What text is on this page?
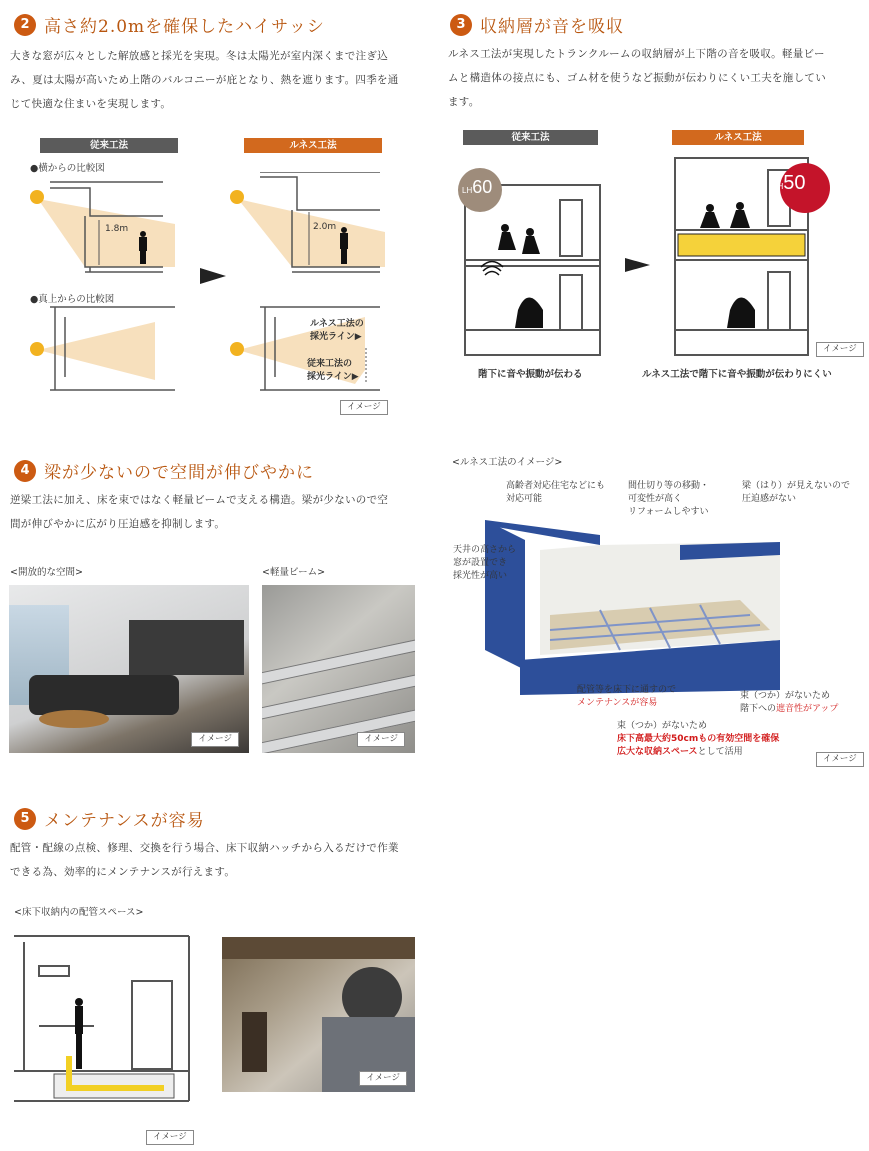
2 高さ約2.0mを確保したハイサッシ
大きな窓が広々とした解放感と採光を実現。冬は太陽光が室内深くまで注ぎ込
み、夏は太陽が高いため上階のバルコニーが庇となり、熱を遮ります。四季を通
じて快適な住まいを実現します。
従来工法	ルネス工法
●横からの比較図
●真上からの比較図
1.8m	2.0m
ルネス工法の
採光ライン▶
従来工法の
採光ライン▶
イメージ
3 収納層が音を吸収
ルネス工法が実現したトランクルームの収納層が上下階の音を吸収。軽量ビー
ムと構造体の接点にも、ゴム材を使うなど振動が伝わりにくい工夫を施してい
ます。
従来工法	ルネス工法
LH60	LH50
イメージ
階下に音や振動が伝わる	ルネス工法で階下に音や振動が伝わりにくい
4 梁が少ないので空間が伸びやかに
逆梁工法に加え、床を束ではなく軽量ビームで支える構造。梁が少ないので空
間が伸びやかに広がり圧迫感を抑制します。
<開放的な空間>	<軽量ビーム>
イメージ	イメージ
<ルネス工法のイメージ>
高齢者対応住宅などにも
対応可能
間仕切り等の移動・
可変性が高く
リフォームしやすい
梁（はり）が見えないので
圧迫感がない
天井の高さから
窓が設置でき
採光性が高い
配管等を床下に通すので
メンテナンスが容易
束（つか）がないため
階下への遮音性がアップ
束（つか）がないため
床下高最大約50cmもの有効空間を確保
広大な収納スペースとして活用
イメージ
5 メンテナンスが容易
配管・配線の点検、修理、交換を行う場合、床下収納ハッチから入るだけで作業
できる為、効率的にメンテナンスが行えます。
<床下収納内の配管スペース>
イメージ
イメージ
